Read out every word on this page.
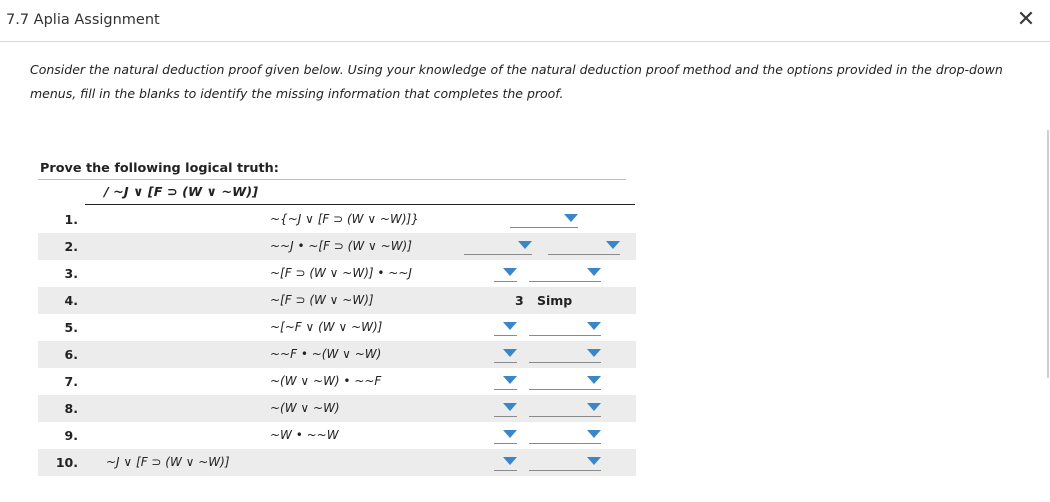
7.7 Aplia Assignment	✕
Consider the natural deduction proof given below. Using your knowledge of the natural deduction proof method and the options provided in the drop-down menus, fill in the blanks to identify the missing information that completes the proof.
Prove the following logical truth:
/ ~J ∨ [F ⊃ (W ∨ ~W)]
1.	~{~J ∨ [F ⊃ (W ∨ ~W)]}
2.	~~J • ~[F ⊃ (W ∨ ~W)]
3.	~[F ⊃ (W ∨ ~W)] • ~~J
4.	~[F ⊃ (W ∨ ~W)]	3 Simp
5.	~[~F ∨ (W ∨ ~W)]
6.	~~F • ~(W ∨ ~W)
7.	~(W ∨ ~W) • ~~F
8.	~(W ∨ ~W)
9.	~W • ~~W
10. ~J ∨ [F ⊃ (W ∨ ~W)]
